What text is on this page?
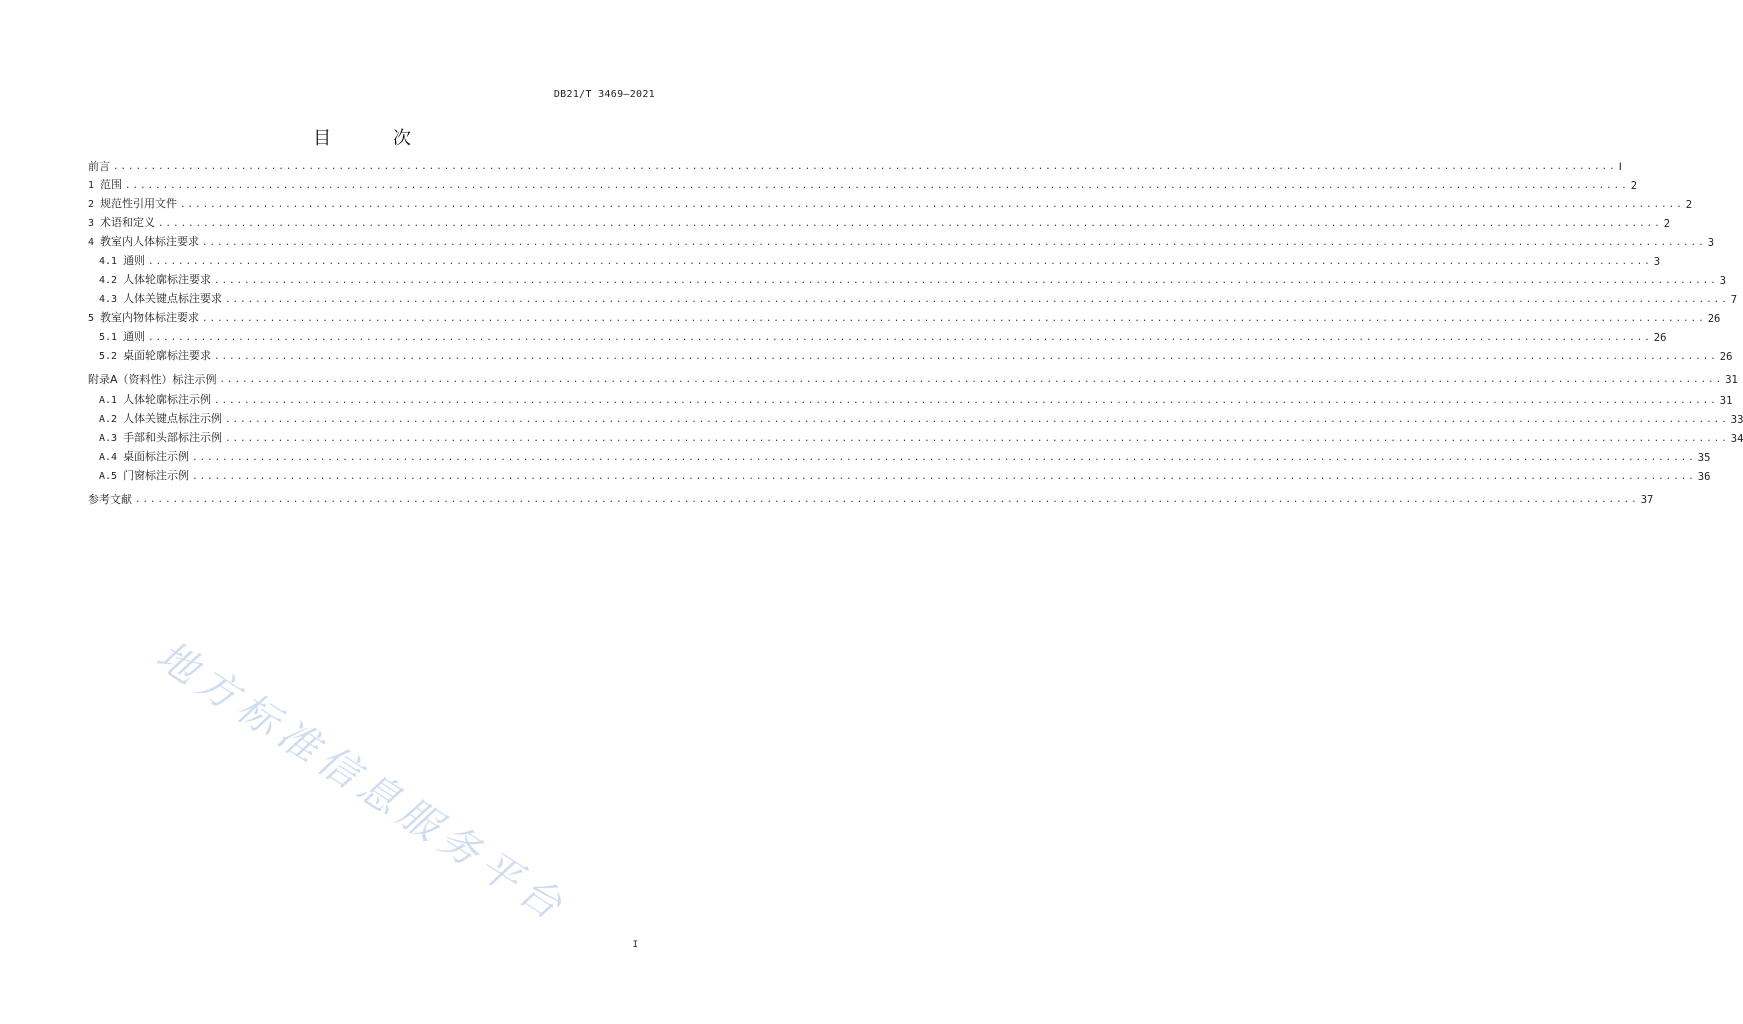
DB21/T 3469—2021
目 次
前言 ........................................................................................................................................................................................................ Ⅰ
1 范围 ........................................................................................................................................................................................................ 2
2 规范性引用文件 ........................................................................................................................................................................................................ 2
3 术语和定义 ........................................................................................................................................................................................................ 2
4 教室内人体标注要求 ........................................................................................................................................................................................................ 3
4.1 通则 ........................................................................................................................................................................................................ 3
4.2 人体轮廓标注要求 ........................................................................................................................................................................................................ 3
4.3 人体关键点标注要求 ........................................................................................................................................................................................................ 7
5 教室内物体标注要求 ........................................................................................................................................................................................................ 26
5.1 通则 ........................................................................................................................................................................................................ 26
5.2 桌面轮廓标注要求 ........................................................................................................................................................................................................ 26
附录A（资料性）标注示例 ........................................................................................................................................................................................................ 31
A.1 人体轮廓标注示例 ........................................................................................................................................................................................................ 31
A.2 人体关键点标注示例 ........................................................................................................................................................................................................ 33
A.3 手部和头部标注示例 ........................................................................................................................................................................................................ 34
A.4 桌面标注示例 ........................................................................................................................................................................................................ 35
A.5 门窗标注示例 ........................................................................................................................................................................................................ 36
参考文献 ........................................................................................................................................................................................................ 37
地方标准信息服务平台
I
